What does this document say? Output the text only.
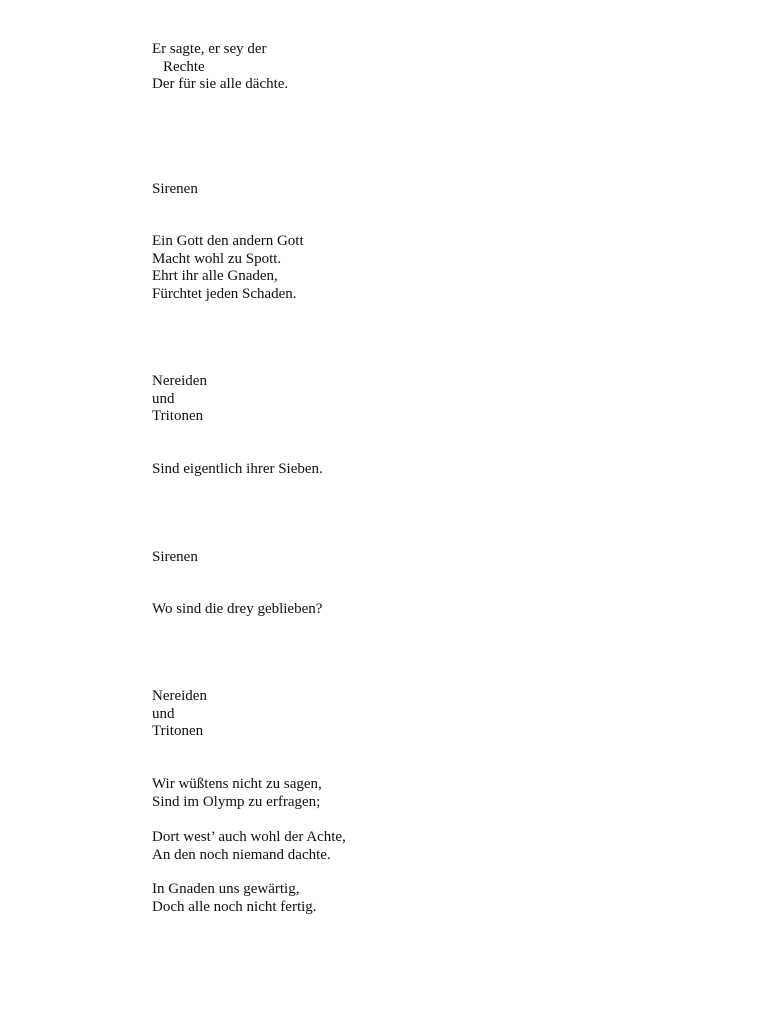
Er sagte, er sey der
Rechte
Der für sie alle dächte.
Sirenen
Ein Gott den andern Gott
Macht wohl zu Spott.
Ehrt ihr alle Gnaden,
Fürchtet jeden Schaden.
Nereiden
und
Tritonen
Sind eigentlich ihrer Sieben.
Sirenen
Wo sind die drey geblieben?
Nereiden
und
Tritonen
Wir wüßtens nicht zu sagen,
Sind im Olymp zu erfragen;
Dort west’ auch wohl der Achte,
An den noch niemand dachte.
In Gnaden uns gewärtig,
Doch alle noch nicht fertig.
